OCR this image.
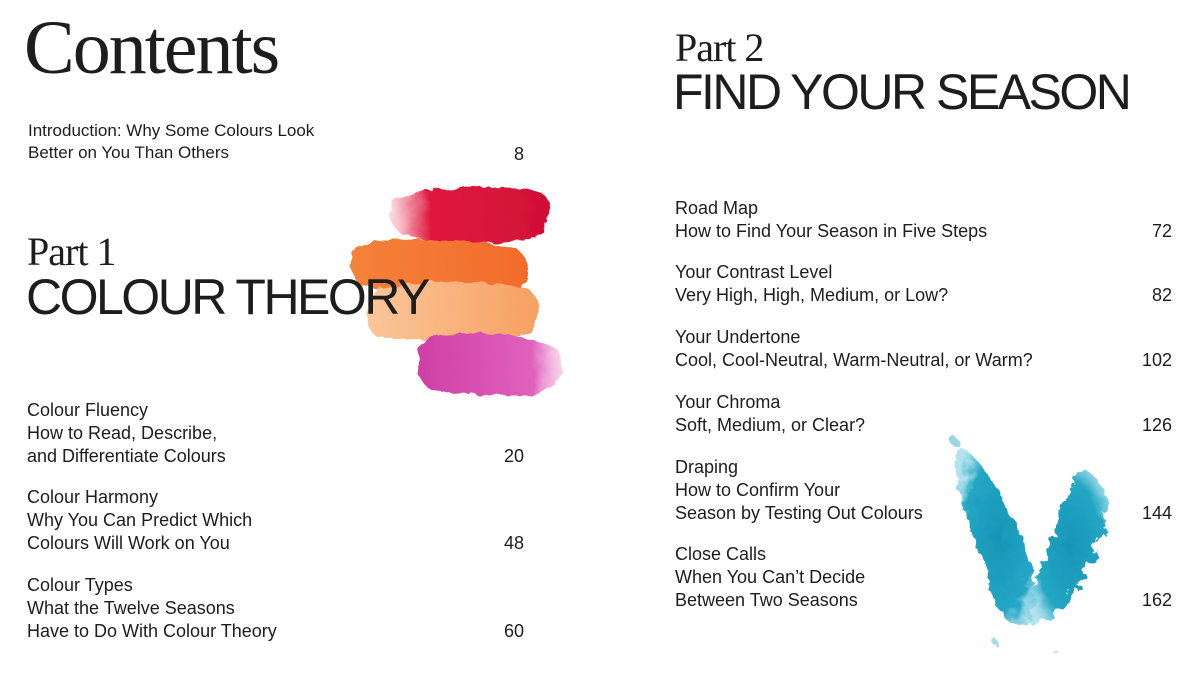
Contents
Introduction: Why Some Colours Look
Better on You Than Others	8
Part 1
COLOUR THEORY
Colour Fluency
How to Read, Describe,
and Differentiate Colours	20
Colour Harmony
Why You Can Predict Which
Colours Will Work on You	48
Colour Types
What the Twelve Seasons
Have to Do With Colour Theory	60
Part 2
FIND YOUR SEASON
Road Map
How to Find Your Season in Five Steps	72
Your Contrast Level
Very High, High, Medium, or Low?	82
Your Undertone
Cool, Cool-Neutral, Warm-Neutral, or Warm?	102
Your Chroma
Soft, Medium, or Clear?	126
Draping
How to Confirm Your
Season by Testing Out Colours	144
Close Calls
When You Can’t Decide
Between Two Seasons	162
